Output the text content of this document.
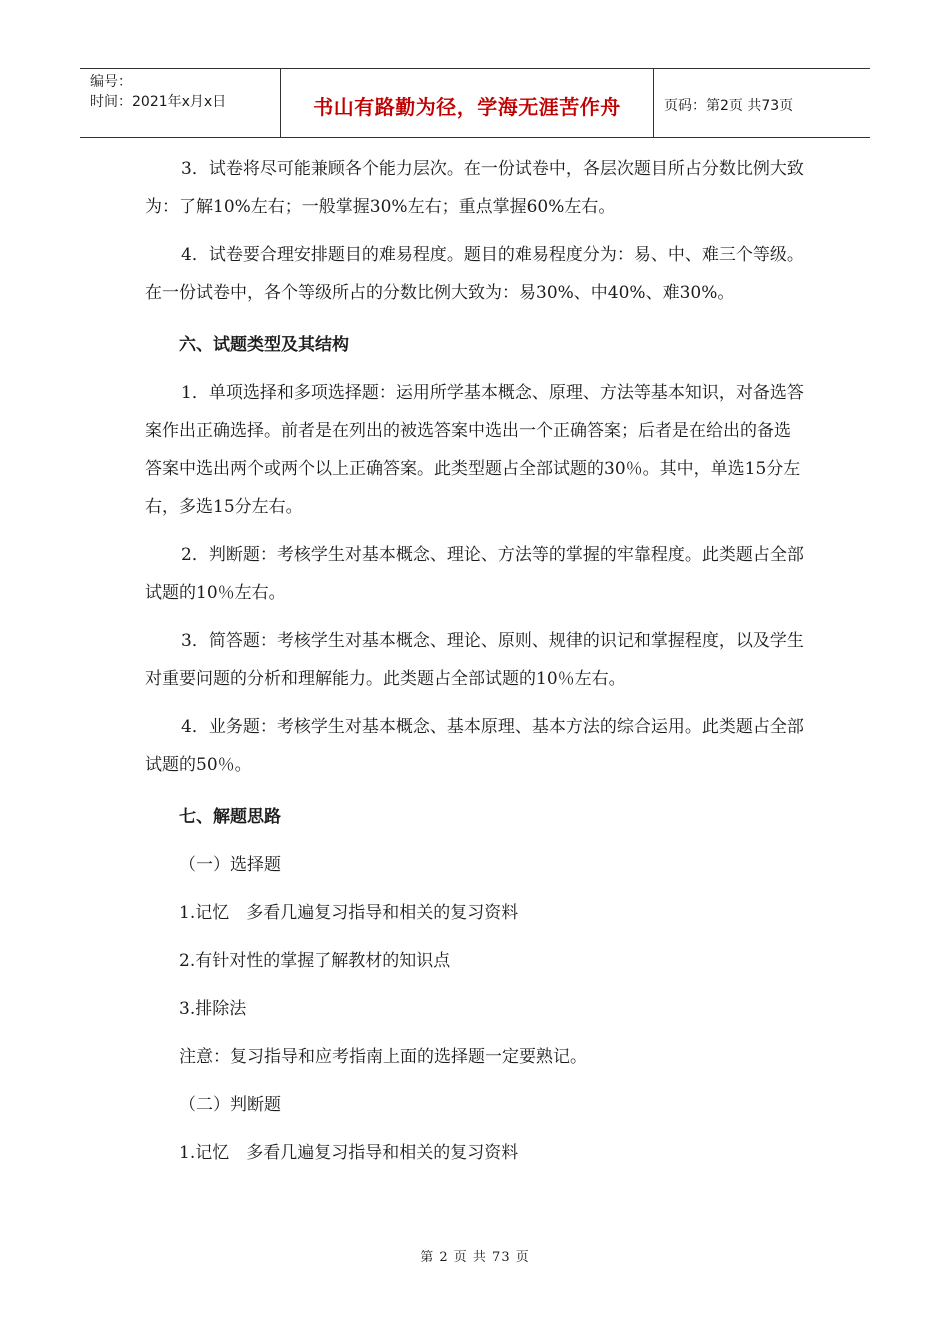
编号：
时间：2021年x月x日	书山有路勤为径，学海无涯苦作舟	页码：第2页 共73页

3．试卷将尽可能兼顾各个能力层次。在一份试卷中，各层次题目所占分数比例大致为：了解10%左右；一般掌握30%左右；重点掌握60%左右。

4．试卷要合理安排题目的难易程度。题目的难易程度分为：易、中、难三个等级。在一份试卷中，各个等级所占的分数比例大致为：易30%、中40%、难30%。

六、试题类型及其结构

1．单项选择和多项选择题：运用所学基本概念、原理、方法等基本知识，对备选答案作出正确选择。前者是在列出的被选答案中选出一个正确答案；后者是在给出的备选答案中选出两个或两个以上正确答案。此类型题占全部试题的30％。其中，单选15分左右，多选15分左右。

2．判断题：考核学生对基本概念、理论、方法等的掌握的牢靠程度。此类题占全部试题的10％左右。

3．简答题：考核学生对基本概念、理论、原则、规律的识记和掌握程度，以及学生对重要问题的分析和理解能力。此类题占全部试题的10％左右。

4．业务题：考核学生对基本概念、基本原理、基本方法的综合运用。此类题占全部试题的50％。

七、解题思路

（一）选择题

1.记忆　多看几遍复习指导和相关的复习资料

2.有针对性的掌握了解教材的知识点

3.排除法

注意：复习指导和应考指南上面的选择题一定要熟记。

（二）判断题

1.记忆　多看几遍复习指导和相关的复习资料

第 2 页 共 73 页
